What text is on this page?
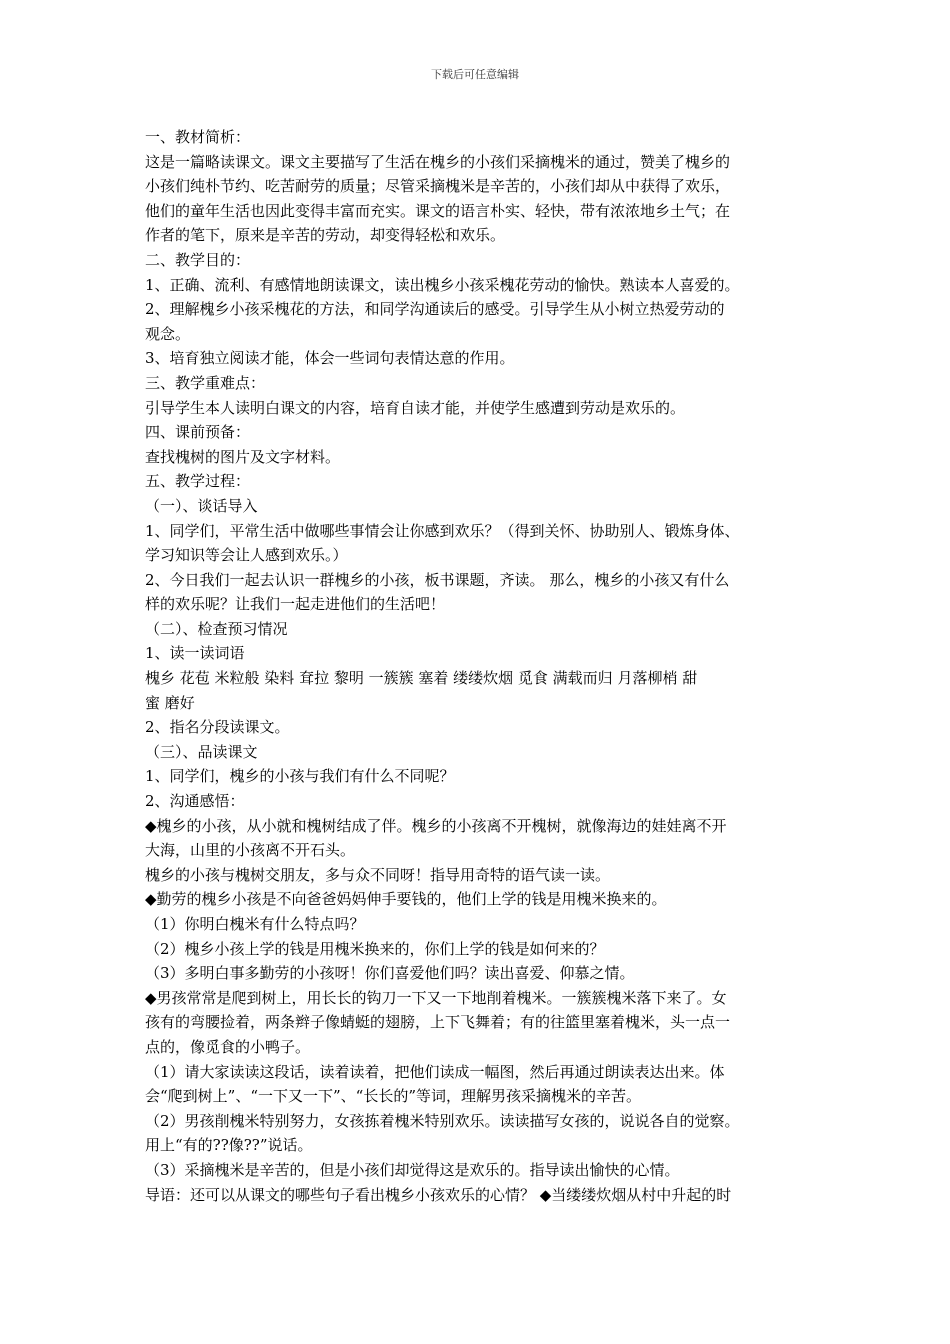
下载后可任意编辑
一、教材简析：
这是一篇略读课文。课文主要描写了生活在槐乡的小孩们采摘槐米的通过，赞美了槐乡的
小孩们纯朴节约、吃苦耐劳的质量；尽管采摘槐米是辛苦的，小孩们却从中获得了欢乐，
他们的童年生活也因此变得丰富而充实。课文的语言朴实、轻快，带有浓浓地乡土气；在
作者的笔下，原来是辛苦的劳动，却变得轻松和欢乐。
二、教学目的：
1、正确、流利、有感情地朗读课文，读出槐乡小孩采槐花劳动的愉快。熟读本人喜爱的。
2、理解槐乡小孩采槐花的方法，和同学沟通读后的感受。引导学生从小树立热爱劳动的
观念。
3、培育独立阅读才能，体会一些词句表情达意的作用。
三、教学重难点：
引导学生本人读明白课文的内容，培育自读才能，并使学生感遭到劳动是欢乐的。
四、课前预备：
查找槐树的图片及文字材料。
五、教学过程：
（一）、谈话导入
1、同学们，平常生活中做哪些事情会让你感到欢乐？（得到关怀、协助别人、锻炼身体、
学习知识等会让人感到欢乐。）
2、今日我们一起去认识一群槐乡的小孩，板书课题，齐读。 那么，槐乡的小孩又有什么
样的欢乐呢？让我们一起走进他们的生活吧！
（二）、检查预习情况
1、读一读词语
槐乡 花苞 米粒般 染料 耷拉 黎明 一簇簇 塞着 缕缕炊烟 觅食 满载而归 月落柳梢 甜
蜜 磨好
2、指名分段读课文。
（三）、品读课文
1、同学们，槐乡的小孩与我们有什么不同呢？
2、沟通感悟：
◆槐乡的小孩，从小就和槐树结成了伴。槐乡的小孩离不开槐树，就像海边的娃娃离不开
大海，山里的小孩离不开石头。
槐乡的小孩与槐树交朋友，多与众不同呀！指导用奇特的语气读一读。
◆勤劳的槐乡小孩是不向爸爸妈妈伸手要钱的，他们上学的钱是用槐米换来的。
（1）你明白槐米有什么特点吗？
（2）槐乡小孩上学的钱是用槐米换来的，你们上学的钱是如何来的？
（3）多明白事多勤劳的小孩呀！你们喜爱他们吗？读出喜爱、仰慕之情。
◆男孩常常是爬到树上，用长长的钩刀一下又一下地削着槐米。一簇簇槐米落下来了。女
孩有的弯腰捡着，两条辫子像蜻蜓的翅膀，上下飞舞着；有的往篮里塞着槐米，头一点一
点的，像觅食的小鸭子。
（1）请大家读读这段话，读着读着，把他们读成一幅图，然后再通过朗读表达出来。体
会“爬到树上”、“一下又一下”、“长长的”等词，理解男孩采摘槐米的辛苦。
（2）男孩削槐米特别努力，女孩拣着槐米特别欢乐。读读描写女孩的，说说各自的觉察。
用上“有的??像??”说话。
（3）采摘槐米是辛苦的，但是小孩们却觉得这是欢乐的。指导读出愉快的心情。
导语：还可以从课文的哪些句子看出槐乡小孩欢乐的心情？ ◆当缕缕炊烟从村中升起的时
